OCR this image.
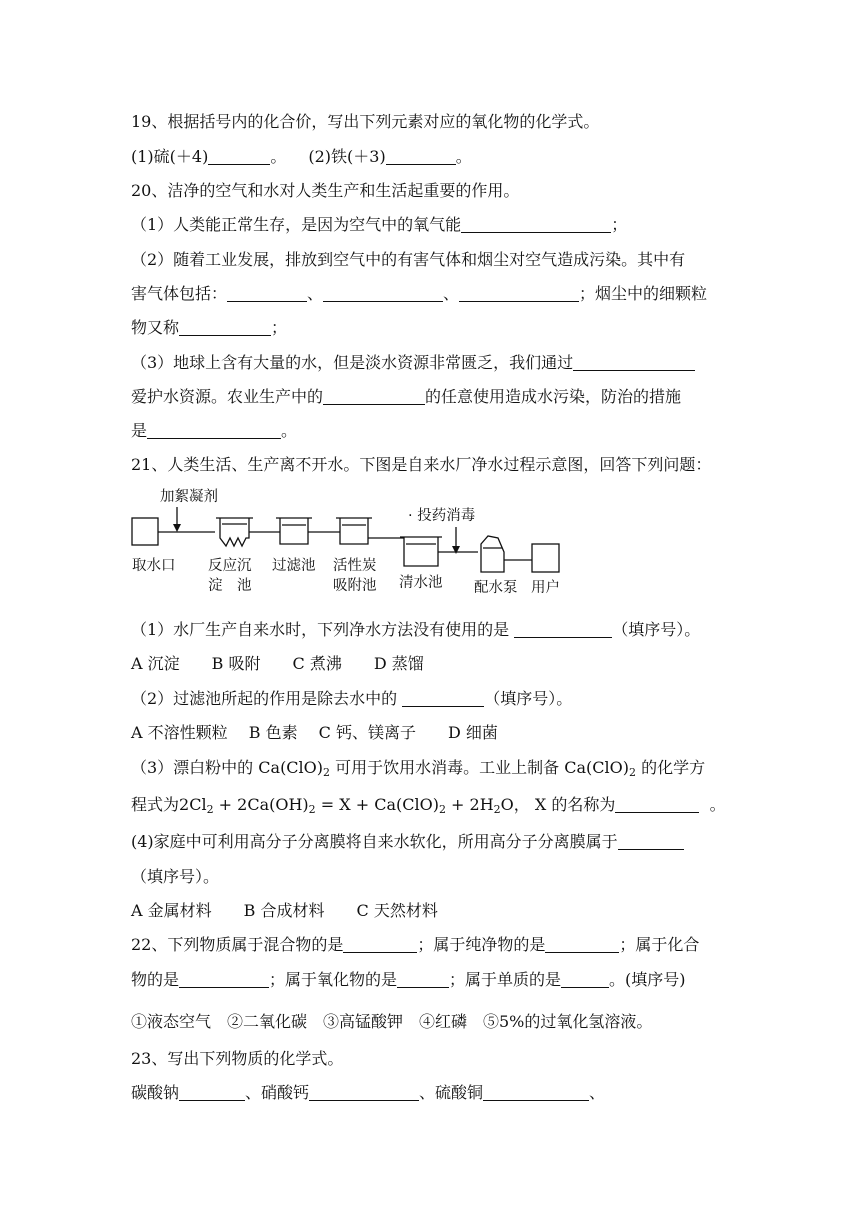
19、根据括号内的化合价，写出下列元素对应的氧化物的化学式。
(1)硫(＋4)	。 (2)铁(＋3)	。
20、洁净的空气和水对人类生产和生活起重要的作用。
（1）人类能正常生存，是因为空气中的氧气能	；
（2）随着工业发展，排放到空气中的有害气体和烟尘对空气造成污染。其中有
害气体包括：	、	、	；烟尘中的细颗粒
物又称	；
（3）地球上含有大量的水，但是淡水资源非常匮乏，我们通过
爱护水资源。农业生产中的	的任意使用造成水污染，防治的措施
是	。
21、人类生活、生产离不开水。下图是自来水厂净水过程示意图，回答下列问题：
加絮凝剂
取水口 反应沉
淀　池
过滤池 活性炭
吸附池 清水池
· 投药消毒
配水泵 用户
（1）水厂生产自来水时，下列净水方法没有使用的是	（填序号）。
A 沉淀　　B 吸附　　C 煮沸　　D 蒸馏
（2）过滤池所起的作用是除去水中的	（填序号）。
A 不溶性颗粒　 B 色素　 C 钙、镁离子　　D 细菌
（3）漂白粉中的 $Ca(ClO)_2$ 可用于饮用水消毒。工业上制备 $Ca(ClO)_2$ 的化学方
程式为$2Cl_2 + 2Ca(OH)_2 = X + Ca(ClO)_2 + 2H_2O$， X 的名称为	。
(4)家庭中可利用高分子分离膜将自来水软化，所用高分子分离膜属于
（填序号）。
A 金属材料　　B 合成材料　　C 天然材料
22、下列物质属于混合物的是	；属于纯净物的是	；属于化合
物的是	；属于氧化物的是	；属于单质的是	。(填序号)
①液态空气　②二氧化碳　③高锰酸钾　④红磷　⑤5%的过氧化氢溶液。
23、写出下列物质的化学式。
碳酸钠	、硝酸钙	、硫酸铜	、
